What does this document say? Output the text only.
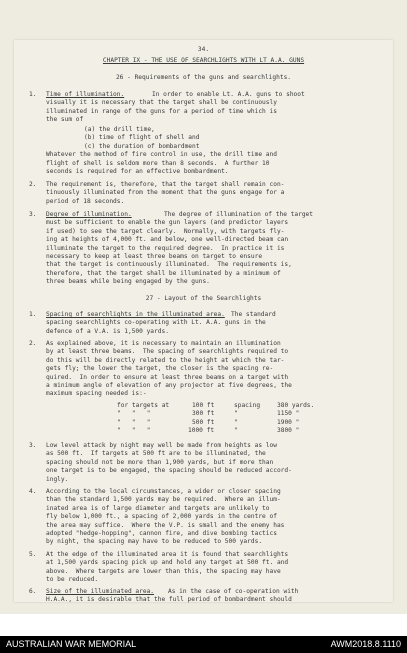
34.
CHAPTER IX - THE USE OF SEARCHLIGHTS WITH LT A.A. GUNS
26 - Requirements of the guns and searchlights.
1. Time of illumination.	In order to enable Lt. A.A. guns to shoot
visually it is necessary that the target shall be continuously
illuminated in range of the guns for a period of time which is
the sum of
(a) the drill time,
(b) time of flight of shell and
(c) the duration of bombardment
Whatever the method of fire control in use, the drill time and
flight of shell is seldom more than 8 seconds.  A further 10
seconds is required for an effective bombardment.
2. The requirement is, therefore, that the target shall remain con-
tinuously illuminated from the moment that the guns engage for a
period of 18 seconds.
3. Degree of illumination.	The degree of illumination of the target
must be sufficient to enable the gun layers (and predictor layers
if used) to see the target clearly.  Normally, with targets fly-
ing at heights of 4,000 ft. and below, one well-directed beam can
illuminate the target to the required degree.  In practice it is
necessary to keep at least three beams on target to ensure
that the target is continuously illuminated.  The requirements is,
therefore, that the target shall be illuminated by a minimum of
three beams while being engaged by the guns.
27 - Layout of the Searchlights
1. Spacing of searchlights in the illuminated area. The standard
spacing searchlights co-operating with Lt. A.A. guns in the
defence of a V.A. is 1,500 yards.
2. As explained above, it is necessary to maintain an illumination
by at least three beams.  The spacing of searchlights required to
do this will be directly related to the height at which the tar-
gets fly; the lower the target, the closer is the spacing re-
quired.  In order to ensure at least three beams on a target with
a minimum angle of elevation of any projector at five degrees, the
maximum spacing needed is:-
for targets at	100 ft	spacing	380 yards.
"   "   "	300 ft	"	1150 "
"   "   "	500 ft	"	1900 "
"   "   "	1000 ft	"	3800 "
3. Low level attack by night may well be made from heights as low
as 500 ft.  If targets at 500 ft are to be illuminated, the
spacing should not be more than 1,900 yards, but if more than
one target is to be engaged, the spacing should be reduced accord-
ingly.
4. According to the local circumstances, a wider or closer spacing
than the standard 1,500 yards may be required.  Where an illum-
inated area is of large diameter and targets are unlikely to
fly below 1,000 ft., a spacing of 2,000 yards in the centre of
the area may suffice.  Where the V.P. is small and the enemy has
adopted "hedge-hopping", cannon fire, and dive bombing tactics
by night, the spacing may have to be reduced to 500 yards.
5. At the edge of the illuminated area it is found that searchlights
at 1,500 yards spacing pick up and hold any target at 500 ft. and
above.  Where targets are lower than this, the spacing may have
to be reduced.
6. Size of the illuminated area. As in the case of co-operation with
H.A.A., it is desirable that the full period of bombardment should
AUSTRALIAN WAR MEMORIAL	AWM2018.8.1110
